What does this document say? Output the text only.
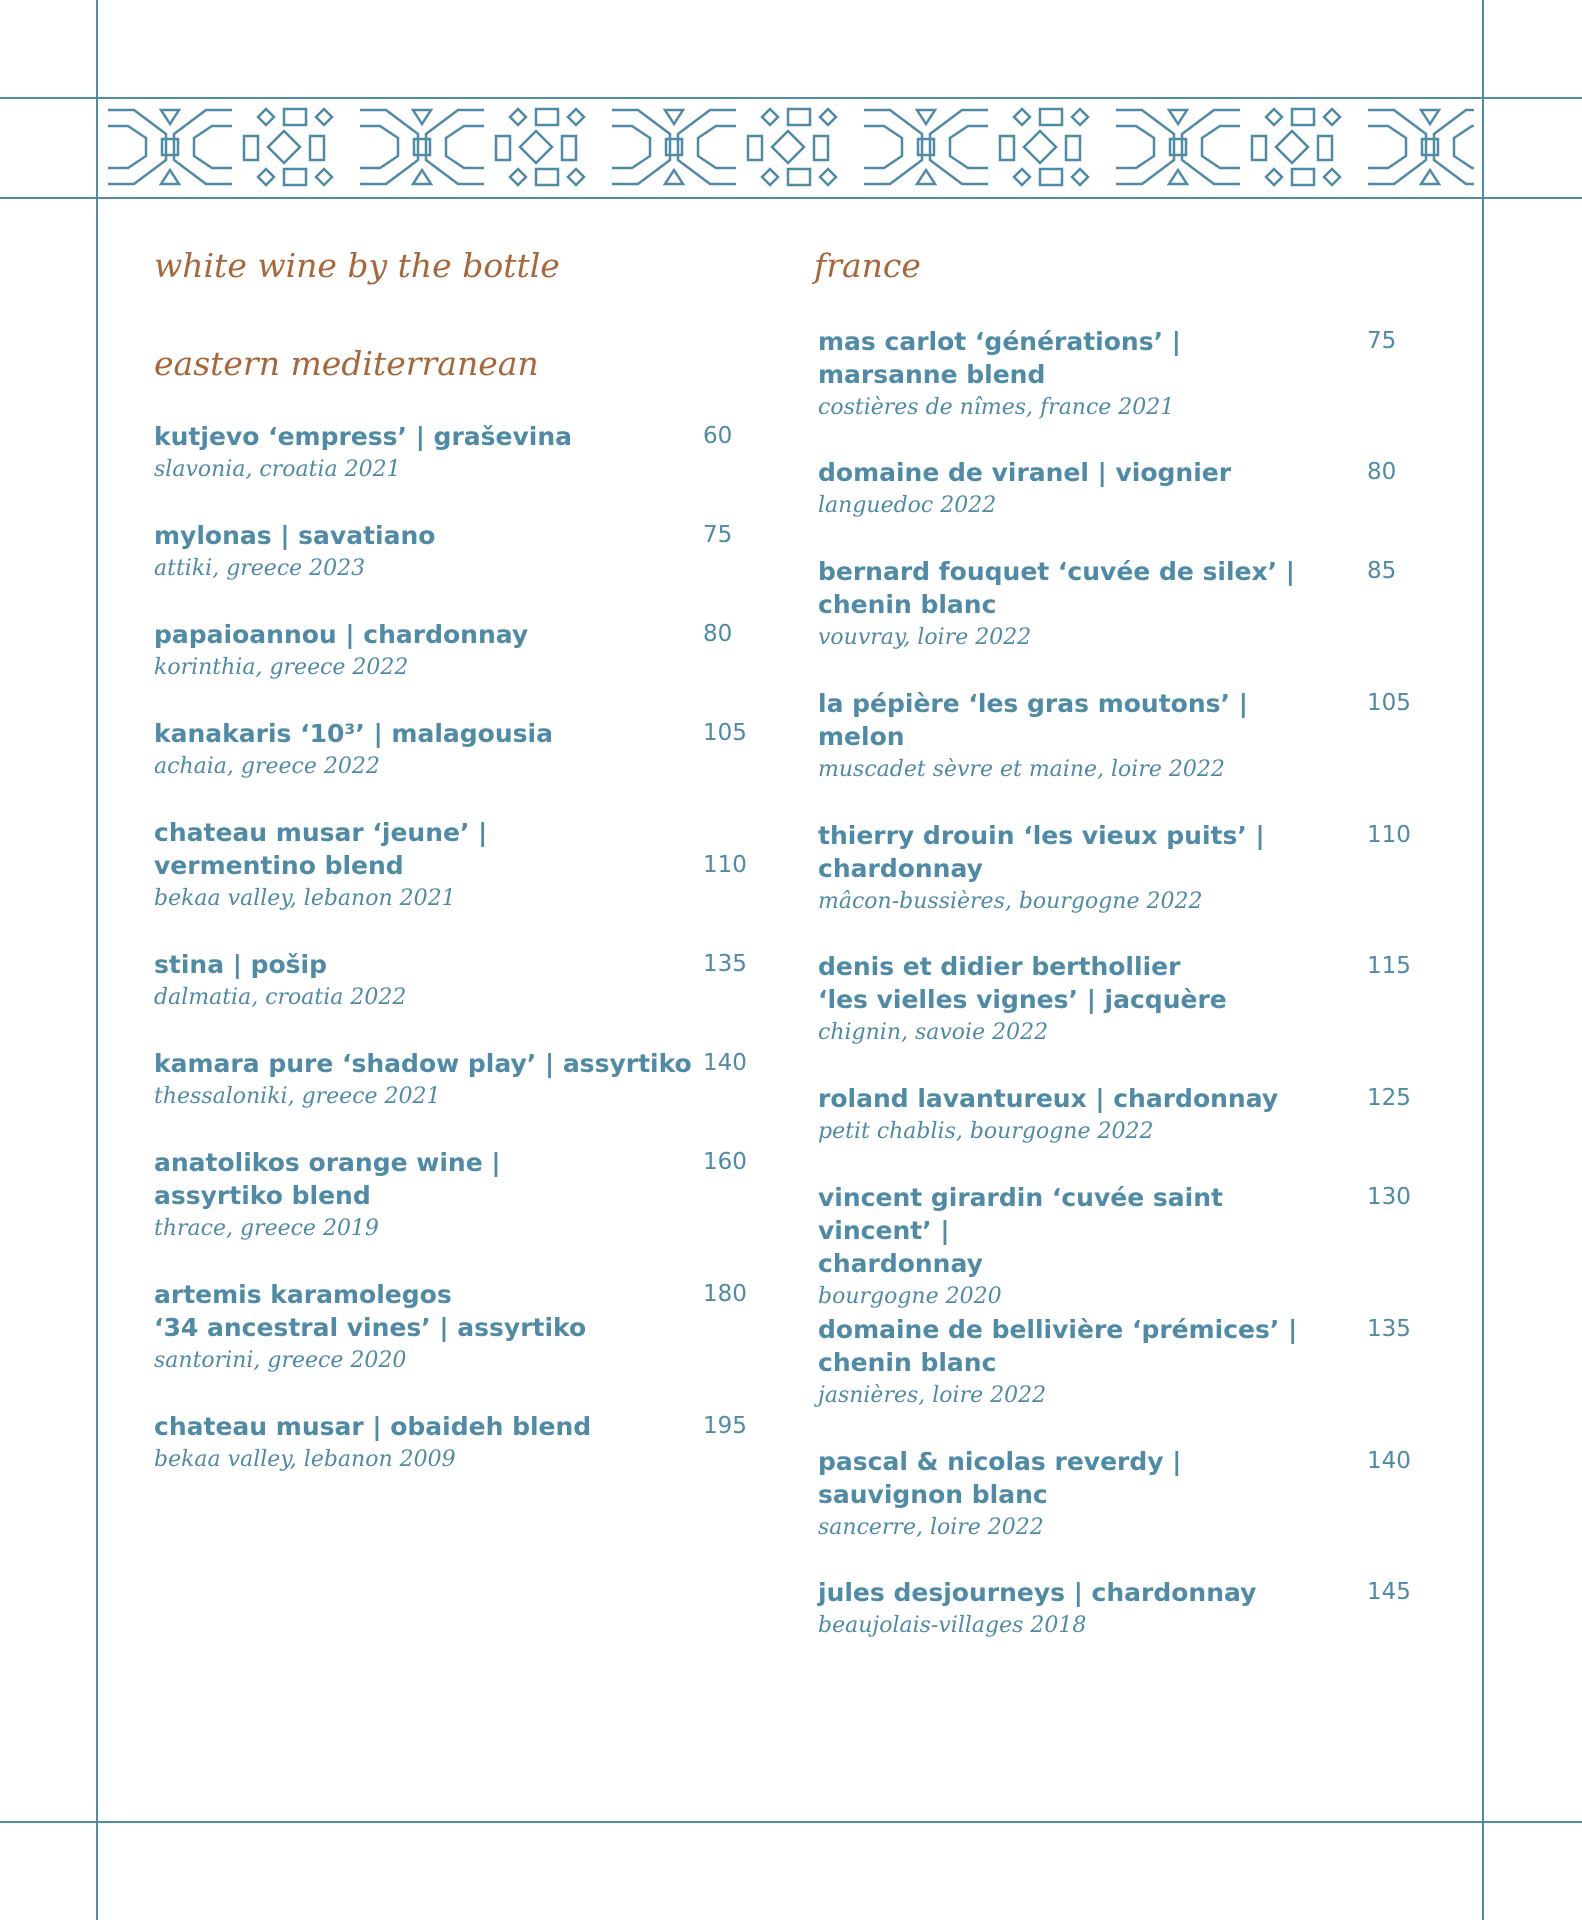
white wine by the bottle
eastern mediterranean
france
kutjevo ‘empress’ | graševina
slavonia, croatia 2021
60
mylonas | savatiano
attiki, greece 2023
75
papaioannou | chardonnay
korinthia, greece 2022
80
kanakaris ‘10³’ | malagousia
achaia, greece 2022
105
chateau musar ‘jeune’ |
vermentino blend
bekaa valley, lebanon 2021
110
stina | pošip
dalmatia, croatia 2022
135
kamara pure ‘shadow play’ | assyrtiko
thessaloniki, greece 2021
140
anatolikos orange wine |
assyrtiko blend
thrace, greece 2019
160
artemis karamolegos
‘34 ancestral vines’ | assyrtiko
santorini, greece 2020
180
chateau musar | obaideh blend
bekaa valley, lebanon 2009
195
mas carlot ‘générations’ |
marsanne blend
costières de nîmes, france 2021
75
domaine de viranel | viognier
languedoc 2022
80
bernard fouquet ‘cuvée de silex’ |
chenin blanc
vouvray, loire 2022
85
la pépière ‘les gras moutons’ |
melon
muscadet sèvre et maine, loire 2022
105
thierry drouin ‘les vieux puits’ |
chardonnay
mâcon-bussières, bourgogne 2022
110
denis et didier berthollier
‘les vielles vignes’ | jacquère
chignin, savoie 2022
115
roland lavantureux | chardonnay
petit chablis, bourgogne 2022
125
vincent girardin ‘cuvée saint vincent’ |
chardonnay
bourgogne 2020
130
domaine de bellivière ‘prémices’ |
chenin blanc
jasnières, loire 2022
135
pascal & nicolas reverdy |
sauvignon blanc
sancerre, loire 2022
140
jules desjourneys | chardonnay
beaujolais-villages 2018
145
